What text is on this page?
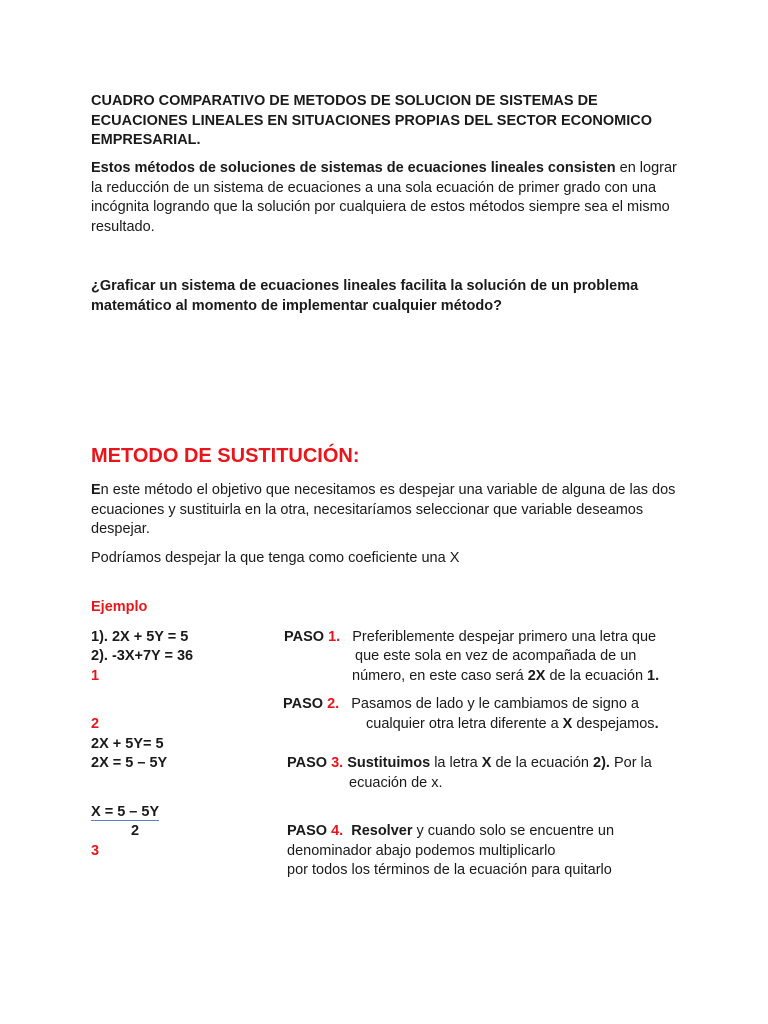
CUADRO COMPARATIVO DE METODOS DE SOLUCION DE SISTEMAS DE ECUACIONES LINEALES EN SITUACIONES PROPIAS DEL SECTOR ECONOMICO EMPRESARIAL.
Estos métodos de soluciones de sistemas de ecuaciones lineales consisten en lograr la reducción de un sistema de ecuaciones a una sola ecuación de primer grado con una incógnita logrando que la solución por cualquiera de estos métodos siempre sea el mismo resultado.
¿Graficar un sistema de ecuaciones lineales facilita la solución de un problema matemático al momento de implementar cualquier método?
METODO DE SUSTITUCIÓN:
En este método el objetivo que necesitamos es despejar una variable de alguna de las dos ecuaciones y sustituirla en la otra, necesitaríamos seleccionar que variable deseamos despejar.
Podríamos despejar la que tenga como coeficiente una X
Ejemplo
1). 2X + 5Y = 5
2). -3X+7Y = 36
1
2
2X + 5Y= 5
2X = 5 – 5Y
X = 5 – 5Y
2
3
PASO 1. Preferiblemente despejar primero una letra que
que este sola en vez de acompañada de un
número, en este caso será 2X de la ecuación 1.
PASO 2. Pasamos de lado y le cambiamos de signo a
cualquier otra letra diferente a X despejamos.
PASO 3. Sustituimos la letra X de la ecuación 2). Por la
ecuación de x.
PASO 4. Resolver y cuando solo se encuentre un
denominador abajo podemos multiplicarlo
por todos los términos de la ecuación para quitarlo
